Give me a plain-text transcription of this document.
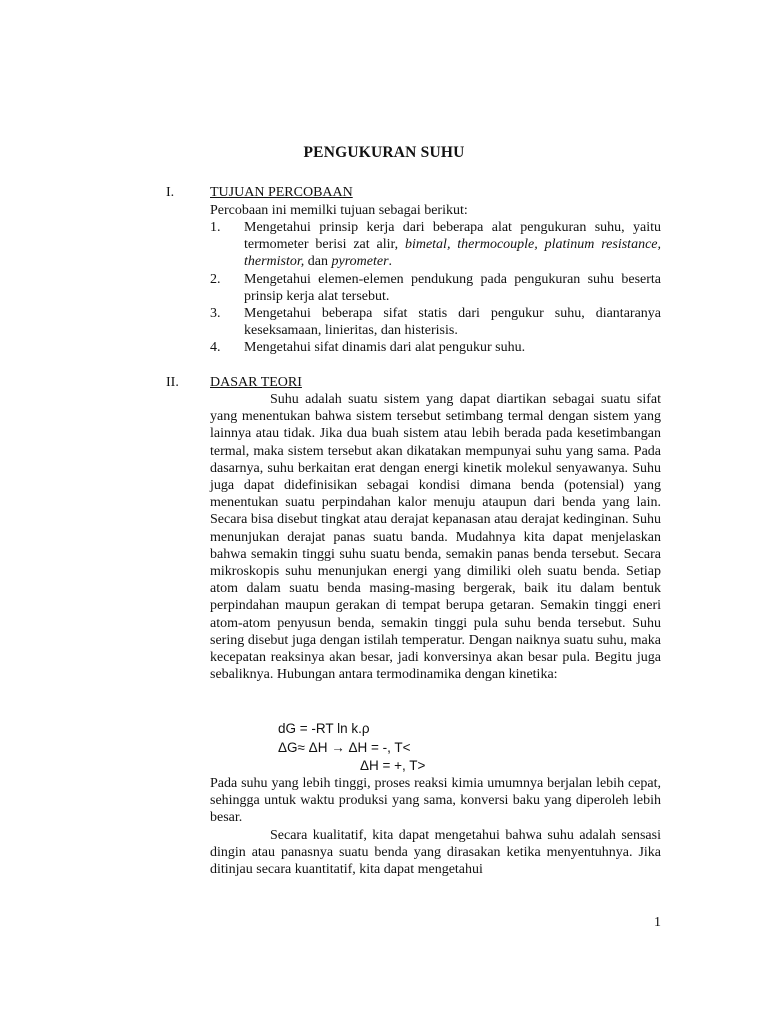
PENGUKURAN SUHU
I.	TUJUAN PERCOBAAN
Percobaan ini memilki tujuan sebagai berikut:
1. Mengetahui prinsip kerja dari beberapa alat pengukuran suhu, yaitu termometer berisi zat alir, bimetal, thermocouple, platinum resistance, thermistor, dan pyrometer.
2. Mengetahui elemen-elemen pendukung pada pengukuran suhu beserta prinsip kerja alat tersebut.
3. Mengetahui beberapa sifat statis dari pengukur suhu, diantaranya keseksamaan, linieritas, dan histerisis.
4. Mengetahui sifat dinamis dari alat pengukur suhu.
II. DASAR TEORI

Suhu adalah suatu sistem yang dapat diartikan sebagai suatu sifat yang menentukan bahwa sistem tersebut setimbang termal dengan sistem yang lainnya atau tidak. Jika dua buah sistem atau lebih berada pada kesetimbangan termal, maka sistem tersebut akan dikatakan mempunyai suhu yang sama. Pada dasarnya, suhu berkaitan erat dengan energi kinetik molekul senyawanya. Suhu juga dapat didefinisikan sebagai kondisi dimana benda (potensial) yang menentukan suatu perpindahan kalor menuju ataupun dari benda yang lain. Secara bisa disebut tingkat atau derajat kepanasan atau derajat kedinginan. Suhu menunjukan derajat panas suatu banda. Mudahnya kita dapat menjelaskan bahwa semakin tinggi suhu suatu benda, semakin panas benda tersebut. Secara mikroskopis suhu menunjukan energi yang dimiliki oleh suatu benda. Setiap atom dalam suatu benda masing-masing bergerak, baik itu dalam bentuk perpindahan maupun gerakan di tempat berupa getaran. Semakin tinggi eneri atom-atom penyusun benda, semakin tinggi pula suhu benda tersebut. Suhu sering disebut juga dengan istilah temperatur. Dengan naiknya suatu suhu, maka kecepatan reaksinya akan besar, jadi konversinya akan besar pula. Begitu juga sebaliknya. Hubungan antara termodinamika dengan kinetika:

dG = -RT ln k.ρ
ΔG≈ ΔH → ΔH = -, T<
ΔH = +, T>

Pada suhu yang lebih tinggi, proses reaksi kimia umumnya berjalan lebih cepat, sehingga untuk waktu produksi yang sama, konversi baku yang diperoleh lebih besar.

Secara kualitatif, kita dapat mengetahui bahwa suhu adalah sensasi dingin atau panasnya suatu benda yang dirasakan ketika menyentuhnya. Jika ditinjau secara kuantitatif, kita dapat mengetahui

1
